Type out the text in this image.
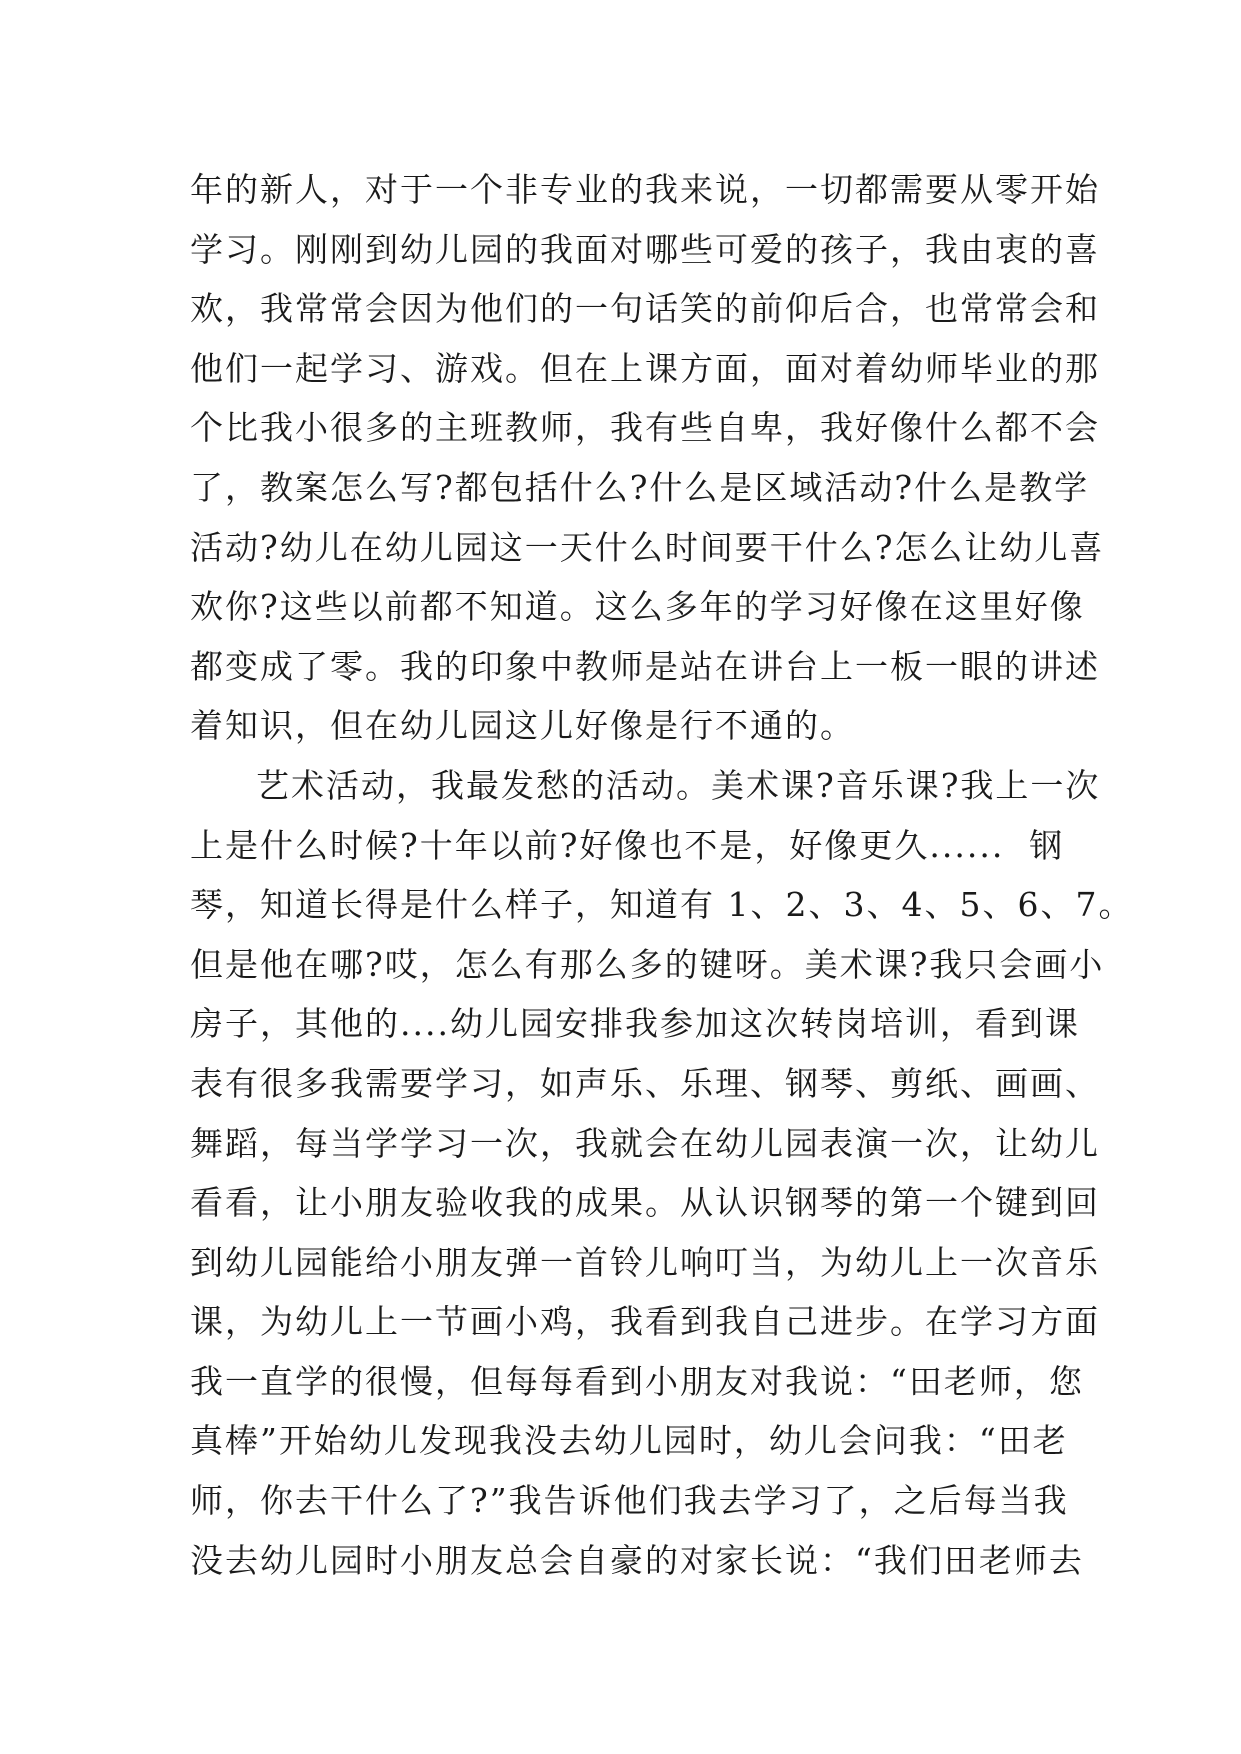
年的新人，对于一个非专业的我来说，一切都需要从零开始
学习。刚刚到幼儿园的我面对哪些可爱的孩子，我由衷的喜
欢，我常常会因为他们的一句话笑的前仰后合，也常常会和
他们一起学习、游戏。但在上课方面，面对着幼师毕业的那
个比我小很多的主班教师，我有些自卑，我好像什么都不会
了，教案怎么写?都包括什么?什么是区域活动?什么是教学
活动?幼儿在幼儿园这一天什么时间要干什么?怎么让幼儿喜
欢你?这些以前都不知道。这么多年的学习好像在这里好像
都变成了零。我的印象中教师是站在讲台上一板一眼的讲述
着知识，但在幼儿园这儿好像是行不通的。
艺术活动，我最发愁的活动。美术课?音乐课?我上一次
上是什么时候?十年以前?好像也不是，好像更久......  钢
琴，知道长得是什么样子，知道有 1、2、3、4、5、6、7。
但是他在哪?哎，怎么有那么多的键呀。美术课?我只会画小
房子，其他的....幼儿园安排我参加这次转岗培训，看到课
表有很多我需要学习，如声乐、乐理、钢琴、剪纸、画画、
舞蹈，每当学学习一次，我就会在幼儿园表演一次，让幼儿
看看，让小朋友验收我的成果。从认识钢琴的第一个键到回
到幼儿园能给小朋友弹一首铃儿响叮当，为幼儿上一次音乐
课，为幼儿上一节画小鸡，我看到我自己进步。在学习方面
我一直学的很慢，但每每看到小朋友对我说：“田老师，您
真棒”开始幼儿发现我没去幼儿园时，幼儿会问我：“田老
师，你去干什么了?”我告诉他们我去学习了，之后每当我
没去幼儿园时小朋友总会自豪的对家长说：“我们田老师去
